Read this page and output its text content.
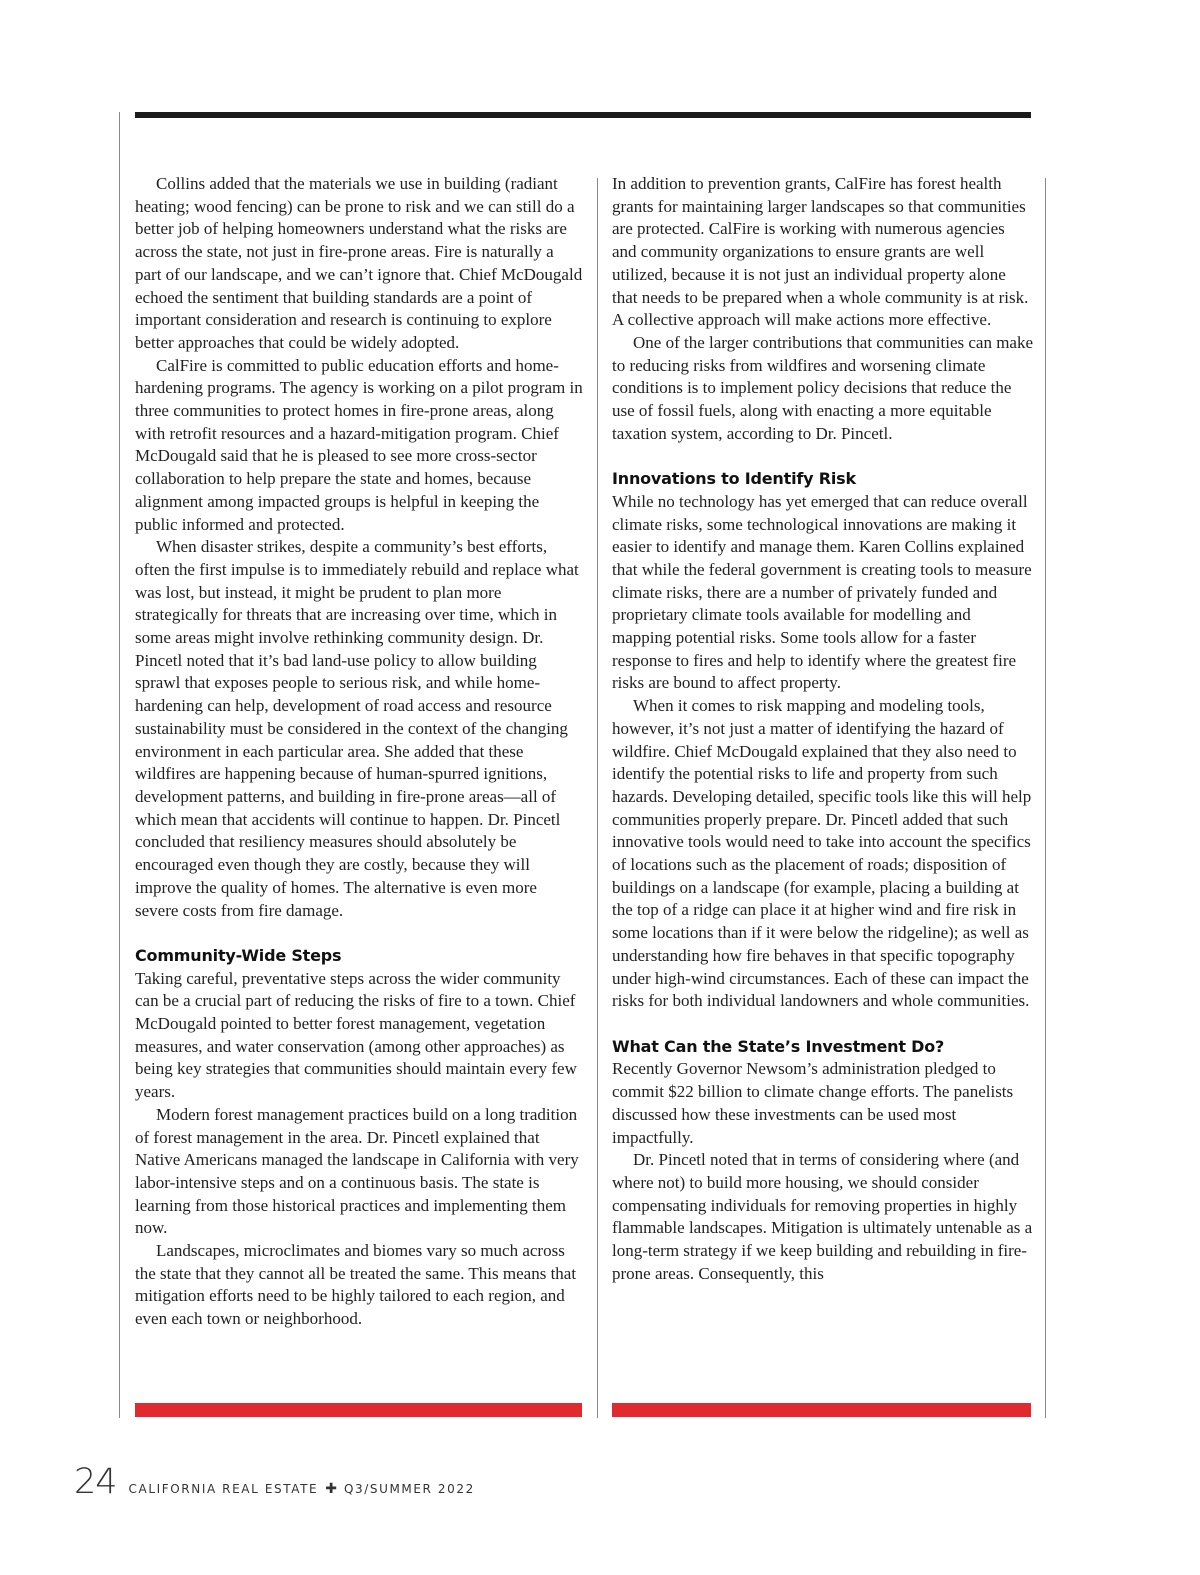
Collins added that the materials we use in building (radiant heating; wood fencing) can be prone to risk and we can still do a better job of helping homeowners understand what the risks are across the state, not just in fire-prone areas. Fire is naturally a part of our landscape, and we can’t ignore that. Chief McDougald echoed the sentiment that building standards are a point of important consideration and research is continuing to explore better approaches that could be widely adopted.

CalFire is committed to public education efforts and home-hardening programs. The agency is working on a pilot program in three communities to protect homes in fire-prone areas, along with retrofit resources and a hazard-mitigation program. Chief McDougald said that he is pleased to see more cross-sector collaboration to help prepare the state and homes, because alignment among impacted groups is helpful in keeping the public informed and protected.

When disaster strikes, despite a community’s best efforts, often the first impulse is to immediately rebuild and replace what was lost, but instead, it might be prudent to plan more strategically for threats that are increasing over time, which in some areas might involve rethinking community design. Dr. Pincetl noted that it’s bad land-use policy to allow building sprawl that exposes people to serious risk, and while home-hardening can help, development of road access and resource sustainability must be considered in the context of the changing environment in each particular area. She added that these wildfires are happening because of human-spurred ignitions, development patterns, and building in fire-prone areas—all of which mean that accidents will continue to happen. Dr. Pincetl concluded that resiliency measures should absolutely be encouraged even though they are costly, because they will improve the quality of homes. The alternative is even more severe costs from fire damage.

Community-Wide Steps

Taking careful, preventative steps across the wider community can be a crucial part of reducing the risks of fire to a town. Chief McDougald pointed to better forest management, vegetation measures, and water conservation (among other approaches) as being key strategies that communities should maintain every few years.

Modern forest management practices build on a long tradition of forest management in the area. Dr. Pincetl explained that Native Americans managed the landscape in California with very labor-intensive steps and on a continuous basis. The state is learning from those historical practices and implementing them now.

Landscapes, microclimates and biomes vary so much across the state that they cannot all be treated the same. This means that mitigation efforts need to be highly tailored to each region, and even each town or neighborhood.

In addition to prevention grants, CalFire has forest health grants for maintaining larger landscapes so that communities are protected. CalFire is working with numerous agencies and community organizations to ensure grants are well utilized, because it is not just an individual property alone that needs to be prepared when a whole community is at risk. A collective approach will make actions more effective.

One of the larger contributions that communities can make to reducing risks from wildfires and worsening climate conditions is to implement policy decisions that reduce the use of fossil fuels, along with enacting a more equitable taxation system, according to Dr. Pincetl.

Innovations to Identify Risk

While no technology has yet emerged that can reduce overall climate risks, some technological innovations are making it easier to identify and manage them. Karen Collins explained that while the federal government is creating tools to measure climate risks, there are a number of privately funded and proprietary climate tools available for modelling and mapping potential risks. Some tools allow for a faster response to fires and help to identify where the greatest fire risks are bound to affect property.

When it comes to risk mapping and modeling tools, however, it’s not just a matter of identifying the hazard of wildfire. Chief McDougald explained that they also need to identify the potential risks to life and property from such hazards. Developing detailed, specific tools like this will help communities properly prepare. Dr. Pincetl added that such innovative tools would need to take into account the specifics of locations such as the placement of roads; disposition of buildings on a landscape (for example, placing a building at the top of a ridge can place it at higher wind and fire risk in some locations than if it were below the ridgeline); as well as understanding how fire behaves in that specific topography under high-wind circumstances. Each of these can impact the risks for both individual landowners and whole communities.

What Can the State’s Investment Do?

Recently Governor Newsom’s administration pledged to commit $22 billion to climate change efforts. The panelists discussed how these investments can be used most impactfully.

Dr. Pincetl noted that in terms of considering where (and where not) to build more housing, we should consider compensating individuals for removing properties in highly flammable landscapes. Mitigation is ultimately untenable as a long-term strategy if we keep building and rebuilding in fire-prone areas. Consequently, this

24 CALIFORNIA REAL ESTATE ✚ Q3/SUMMER 2022
